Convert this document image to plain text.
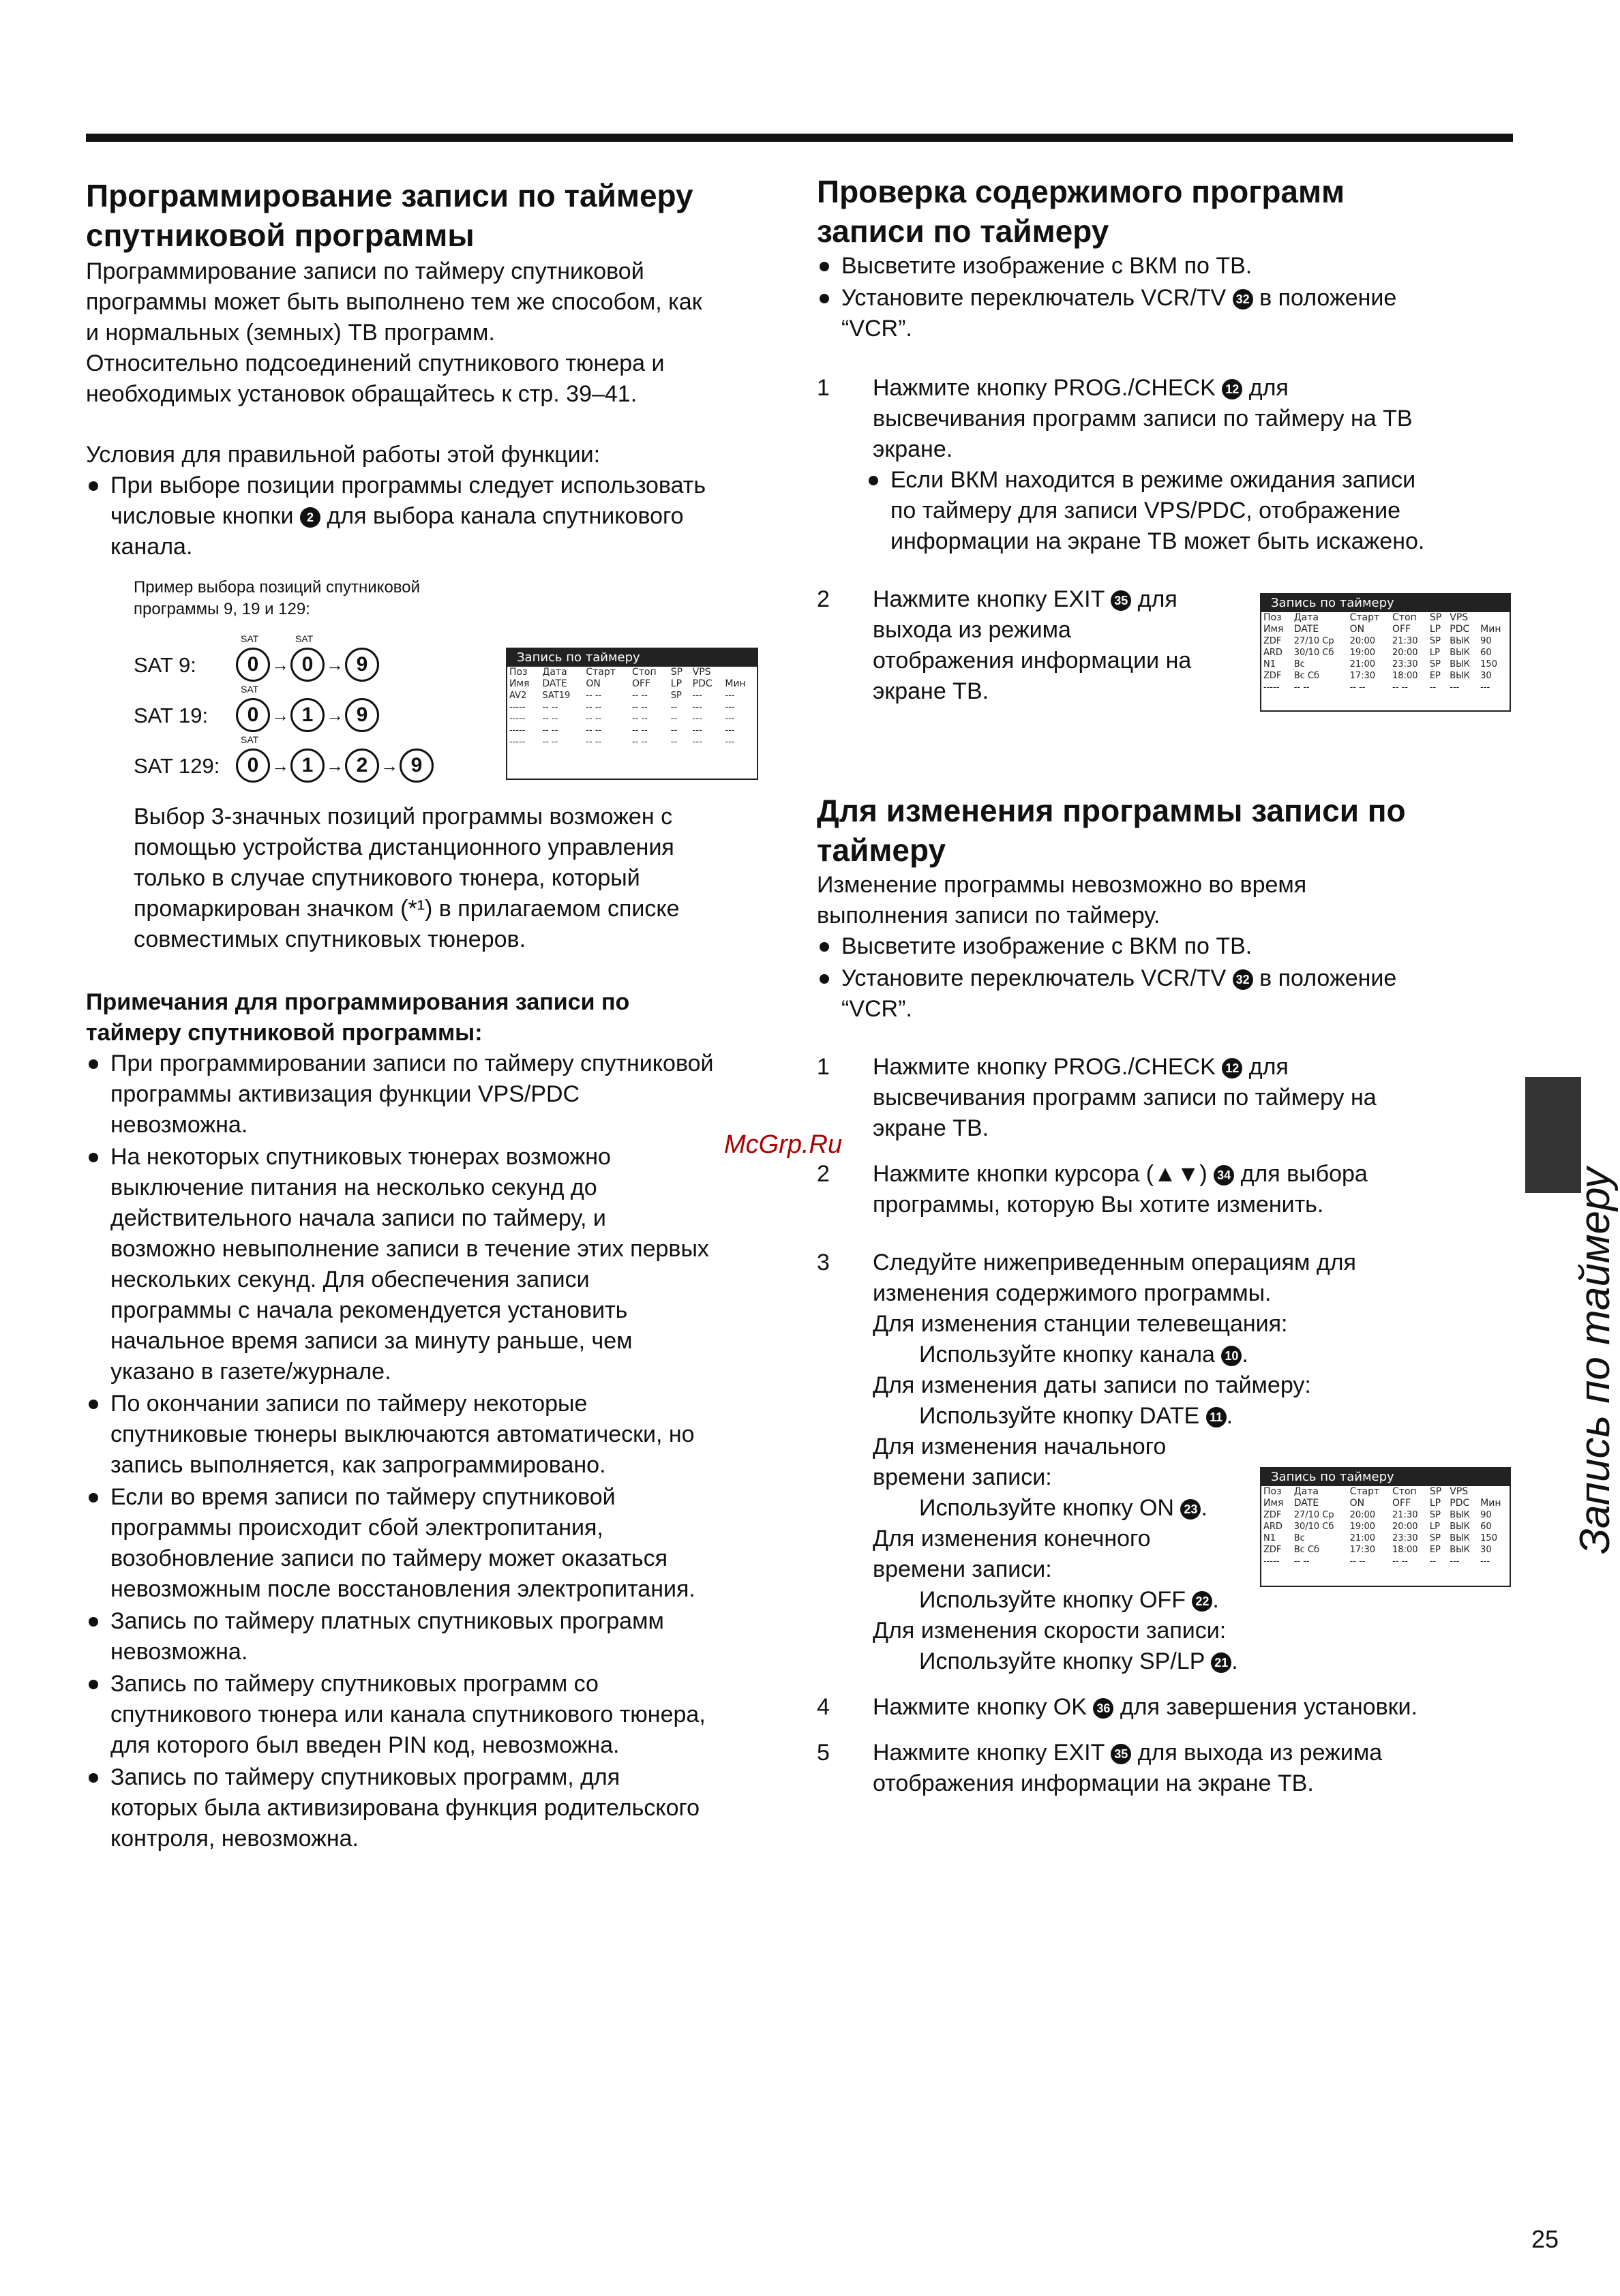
Программирование записи по таймеру
спутниковой программы

Программирование записи по таймеру спутниковой
программы может быть выполнено тем же способом, как
и нормальных (земных) ТВ программ.
Относительно подсоединений спутникового тюнера и
необходимых установок обращайтесь к стр. 39–41.

Условия для правильной работы этой функции:

При выборе позиции программы следует использовать
числовые кнопки 2 для выбора канала спутникового
канала.
Пример выбора позиций спутниковой
программы 9, 19 и 129:
SAT 9:
SAT
0 →
SAT
0 → 9
SAT 19:
SAT
0 → 1 → 9
SAT 129:
SAT
0 → 1 → 2 → 9
Запись по таймеру
Поз	Дата	Старт	Стоп	SP	VPS	
Имя	DATE	ON	OFF	LP	PDC	Мин
AV2	SAT19	-- --	-- --	SP	---	---
-----	-- --	-- --	-- --	--	---	---
-----	-- --	-- --	-- --	--	---	---
-----	-- --	-- --	-- --	--	---	---
-----	-- --	-- --	-- --	--	---	---

Выбор 3-значных позиций программы возможен с
помощью устройства дистанционного управления
только в случае спутникового тюнера, который
промаркирован значком (*¹) в прилагаемом списке
совместимых спутниковых тюнеров.

Примечания для программирования записи по
таймеру спутниковой программы:

При программировании записи по таймеру спутниковой
программы активизация функции VPS/PDC
невозможна.
На некоторых спутниковых тюнерах возможно
выключение питания на несколько секунд до
действительного начала записи по таймеру, и
возможно невыполнение записи в течение этих первых
нескольких секунд. Для обеспечения записи
программы с начала рекомендуется установить
начальное время записи за минуту раньше, чем
указано в газете/журнале.
По окончании записи по таймеру некоторые
спутниковые тюнеры выключаются автоматически, но
запись выполняется, как запрограммировано.
Если во время записи по таймеру спутниковой
программы происходит сбой электропитания,
возобновление записи по таймеру может оказаться
невозможным после восстановления электропитания.
Запись по таймеру платных спутниковых программ
невозможна.
Запись по таймеру спутниковых программ со
спутникового тюнера или канала спутникового тюнера,
для которого был введен PIN код, невозможна.
Запись по таймеру спутниковых программ, для
которых была активизирована функция родительского
контроля, невозможна.
Проверка содержимого программ
записи по таймеру
Высветите изображение с ВКМ по ТВ.
Установите переключатель VCR/TV 32 в положение
“VCR”.
1 Нажмите кнопку PROG./CHECK 12 для
высвечивания программ записи по таймеру на ТВ
экране.
Если ВКМ находится в режиме ожидания записи
по таймеру для записи VPS/PDC, отображение
информации на экране ТВ может быть искажено.
2 Нажмите кнопку EXIT 35 для
выхода из режима
отображения информации на
экране ТВ.
Запись по таймеру
Поз	Дата	Старт	Стоп	SP	VPS	
Имя	DATE	ON	OFF	LP	PDC	Мин
ZDF	27/10 Ср	20:00	21:30	SP	ВЫК	90
ARD	30/10 Сб	19:00	20:00	LP	ВЫК	60
N1	Вс	21:00	23:30	SP	ВЫК	150
ZDF	Вс Сб	17:30	18:00	EP	ВЫК	30
-----	-- --	-- --	-- --	--	---	---
Для изменения программы записи по
таймеру

Изменение программы невозможно во время
выполнения записи по таймеру.

Высветите изображение с ВКМ по ТВ.
Установите переключатель VCR/TV 32 в положение
“VCR”.
1 Нажмите кнопку PROG./CHECK 12 для
высвечивания программ записи по таймеру на
экране ТВ.
2 Нажмите кнопки курсора (▲▼) 34 для выбора
программы, которую Вы хотите изменить.
3 Следуйте нижеприведенным операциям для
изменения содержимого программы.
Для изменения станции телевещания:
Используйте кнопку канала 10 .
Для изменения даты записи по таймеру:
Используйте кнопку DATE 11 .
Для изменения начального
времени записи:
Используйте кнопку ON 23 .
Для изменения конечного
времени записи:
Используйте кнопку OFF 22 .
Для изменения скорости записи:
Используйте кнопку SP/LP 21 .
4 Нажмите кнопку OK 36 для завершения установки.
5 Нажмите кнопку EXIT 35 для выхода из режима
отображения информации на экране ТВ.
Запись по таймеру
Поз	Дата	Старт	Стоп	SP	VPS	
Имя	DATE	ON	OFF	LP	PDC	Мин
ZDF	27/10 Ср	20:00	21:30	SP	ВЫК	90
ARD	30/10 Сб	19:00	20:00	LP	ВЫК	60
N1	Вс	21:00	23:30	SP	ВЫК	150
ZDF	Вс Сб	17:30	18:00	EP	ВЫК	30
-----	-- --	-- --	-- --	--	---	---
McGrp.Ru
Запись по таймеру
25
